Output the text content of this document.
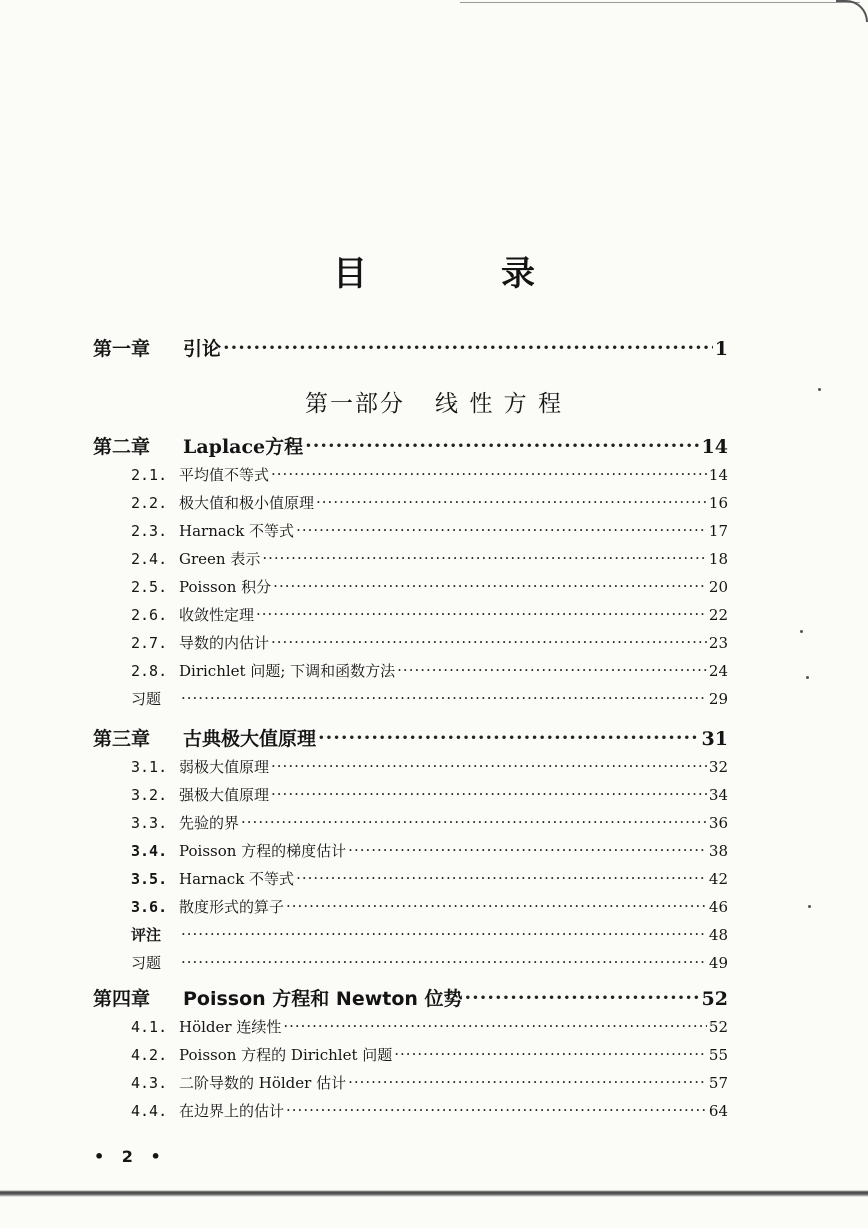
目　录
第一章	引论 ·····	1
第一部分 线 性 方 程
第二章	Laplace 方程 ·····	14
2.1. 平均值不等式 ·····	14
2.2. 极大值和极小值原理 ·····	16
2.3. Harnack 不等式 ·····	17
2.4. Green 表示 ·····	18
2.5. Poisson 积分 ·····	20
2.6. 收敛性定理 ·····	22
2.7. 导数的内估计 ·····	23
2.8. Dirichlet 问题; 下调和函数方法 ·····	24
习题 ·····	29
第三章	古典极大值原理 ·····	31
3.1. 弱极大值原理 ·····	32
3.2. 强极大值原理 ·····	34
3.3. 先验的界 ·····	36
3.4. Poisson 方程的梯度估计 ·····	38
3.5. Harnack 不等式 ·····	42
3.6. 散度形式的算子 ·····	46
评注 ·····	48
习题 ·····	49
第四章	Poisson 方程和 Newton 位势 ·····	52
4.1. Hölder 连续性 ·····	52
4.2. Poisson 方程的 Dirichlet 问题 ·····	55
4.3. 二阶导数的 Hölder 估计 ·····	57
4.4. 在边界上的估计 ·····	64
• 2 •
